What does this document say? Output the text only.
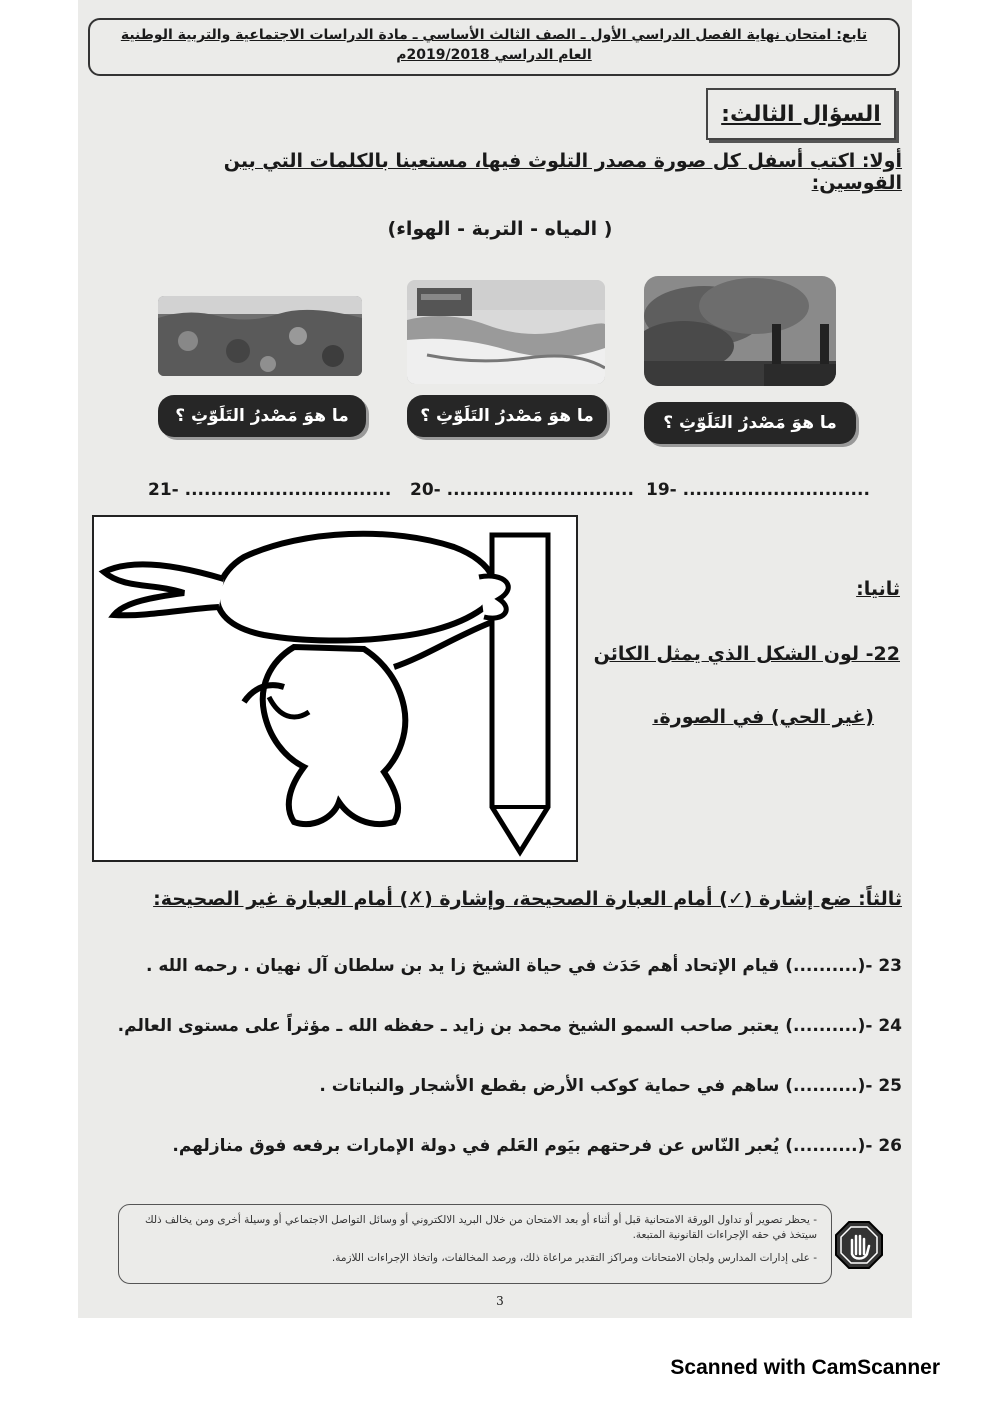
تابع: امتحان نهاية الفصل الدراسي الأول ـ الصف الثالث الأساسي ـ مادة الدراسات الاجتماعية والتربية الوطنية
العام الدراسي 2019/2018م
السؤال الثالث:
أولا: اكتب أسفل كل صورة مصدر التلوث فيها، مستعينا بالكلمات التي بين القوسين:
( المياه - التربة - الهواء)
ما هوَ مَصْدرُ التَلَوّثِ ؟
ما هوَ مَصْدرُ التَلَوّثِ ؟
ما هوَ مَصْدرُ التَلَوّثِ ؟
21- ................................ 20- ............................. 19- .............................
ثانيا:
22- لون الشكل الذي يمثل الكائن
(غير الحي) في الصورة.
ثالثاً: ضع إشارة (✓) أمام العبارة الصحيحة، وإشارة (✗) أمام العبارة غير الصحيحة:
23 -(..........) قيام الإتحاد أهم حَدَث في حياة الشيخ زا يد بن سلطان آل نهيان . رحمه الله .
24 -(..........) يعتبر صاحب السمو الشيخ محمد بن زايد ـ حفظه الله ـ مؤثراً على مستوى العالم.
25 -(..........) ساهم في حماية كوكب الأرض بقطع الأشجار والنباتات .
26 -(..........) يُعبر النّاس عن فرحتهم بيَوم العَلم في دولة الإمارات برفعه فوق منازلهم.

- يحظر تصوير أو تداول الورقة الامتحانية قبل أو أثناء أو بعد الامتحان من خلال البريد الالكتروني أو وسائل التواصل الاجتماعي أو وسيلة أخرى ومن يخالف ذلك سيتخذ في حقه الإجراءات القانونية المتبعة.

- على إدارات المدارس ولجان الامتحانات ومراكز التقدير مراعاة ذلك، ورصد المخالفات، واتخاذ الإجراءات اللازمة.

3
Scanned with CamScanner
